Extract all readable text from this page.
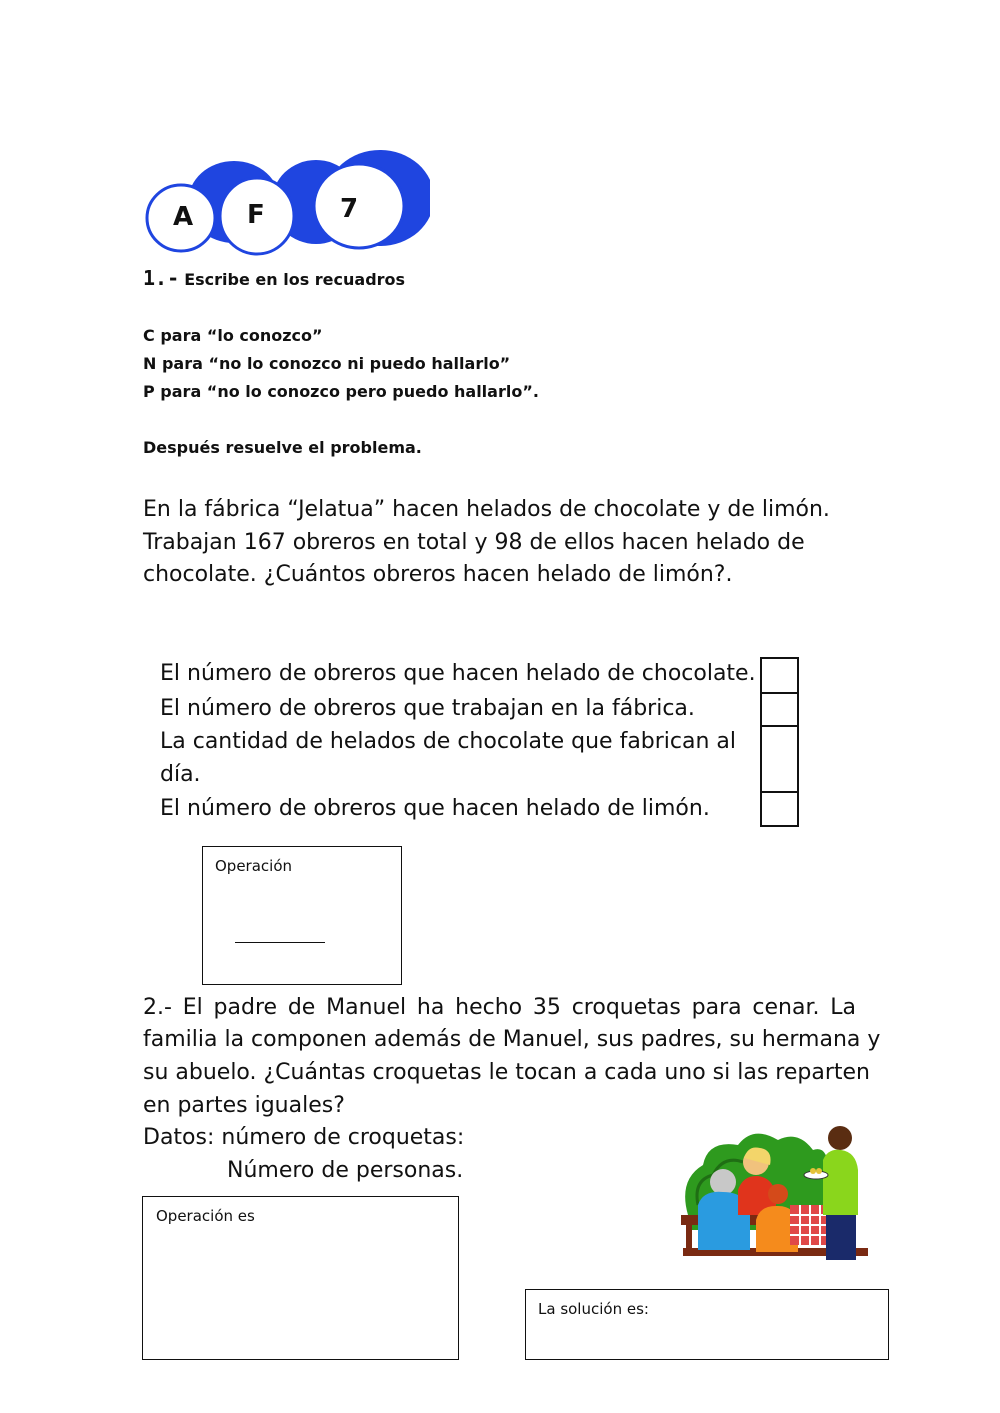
A F	7
1.- Escribe en los recuadros
C para “lo conozco”
N para “no lo conozco ni puedo hallarlo”
P para “no lo conozco pero puedo hallarlo”.
Después resuelve el problema.
En la fábrica “Jelatua” hacen helados de chocolate y de limón.
Trabajan 167 obreros en total y 98 de ellos hacen helado de
chocolate. ¿Cuántos obreros hacen helado de limón?.
El número de obreros que hacen helado de chocolate.
El número de obreros que trabajan en la fábrica.
La cantidad de helados de chocolate que fabrican al
día.
El número de obreros que hacen helado de limón.
Operación
2.- El padre de Manuel ha hecho 35 croquetas para cenar. La
familia la componen además de Manuel, sus padres, su hermana y
su abuelo. ¿Cuántas croquetas le tocan a cada uno si las reparten
en partes iguales?
Datos: número de croquetas:
Número de personas.
Operación es
La solución es:
